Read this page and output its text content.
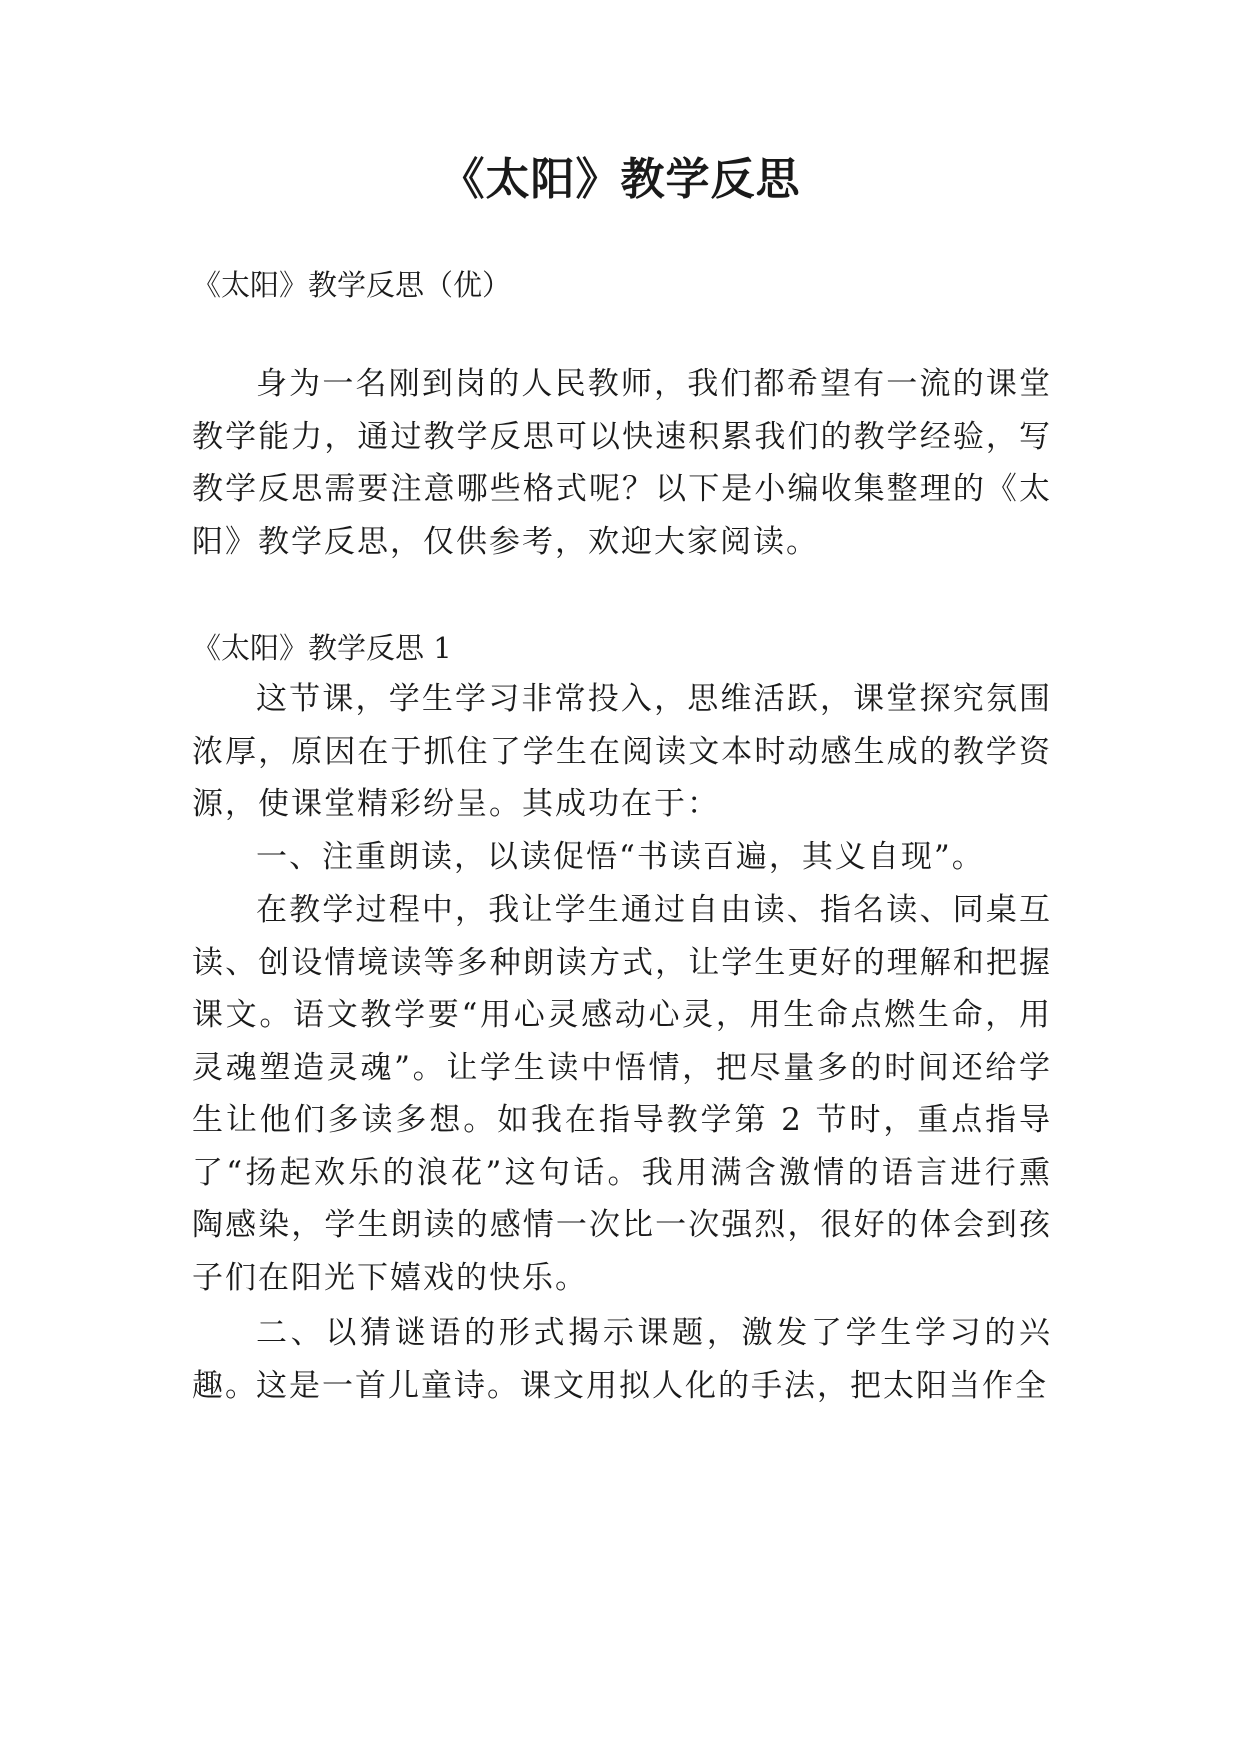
《太阳》教学反思

《太阳》教学反思（优）

身为一名刚到岗的人民教师，我们都希望有一流的课堂教学能力，通过教学反思可以快速积累我们的教学经验，写教学反思需要注意哪些格式呢？以下是小编收集整理的《太阳》教学反思，仅供参考，欢迎大家阅读。

《太阳》教学反思 1

这节课，学生学习非常投入，思维活跃，课堂探究氛围浓厚，原因在于抓住了学生在阅读文本时动感生成的教学资源，使课堂精彩纷呈。其成功在于：

一、注重朗读，以读促悟“书读百遍，其义自现”。

在教学过程中，我让学生通过自由读、指名读、同桌互读、创设情境读等多种朗读方式，让学生更好的理解和把握课文。语文教学要“用心灵感动心灵，用生命点燃生命，用灵魂塑造灵魂”。让学生读中悟情，把尽量多的时间还给学生让他们多读多想。如我在指导教学第 2 节时，重点指导了“扬起欢乐的浪花”这句话。我用满含激情的语言进行熏陶感染，学生朗读的感情一次比一次强烈，很好的体会到孩子们在阳光下嬉戏的快乐。

二、以猜谜语的形式揭示课题，激发了学生学习的兴趣。

这是一首儿童诗。课文用拟人化的手法，把太阳当作全
